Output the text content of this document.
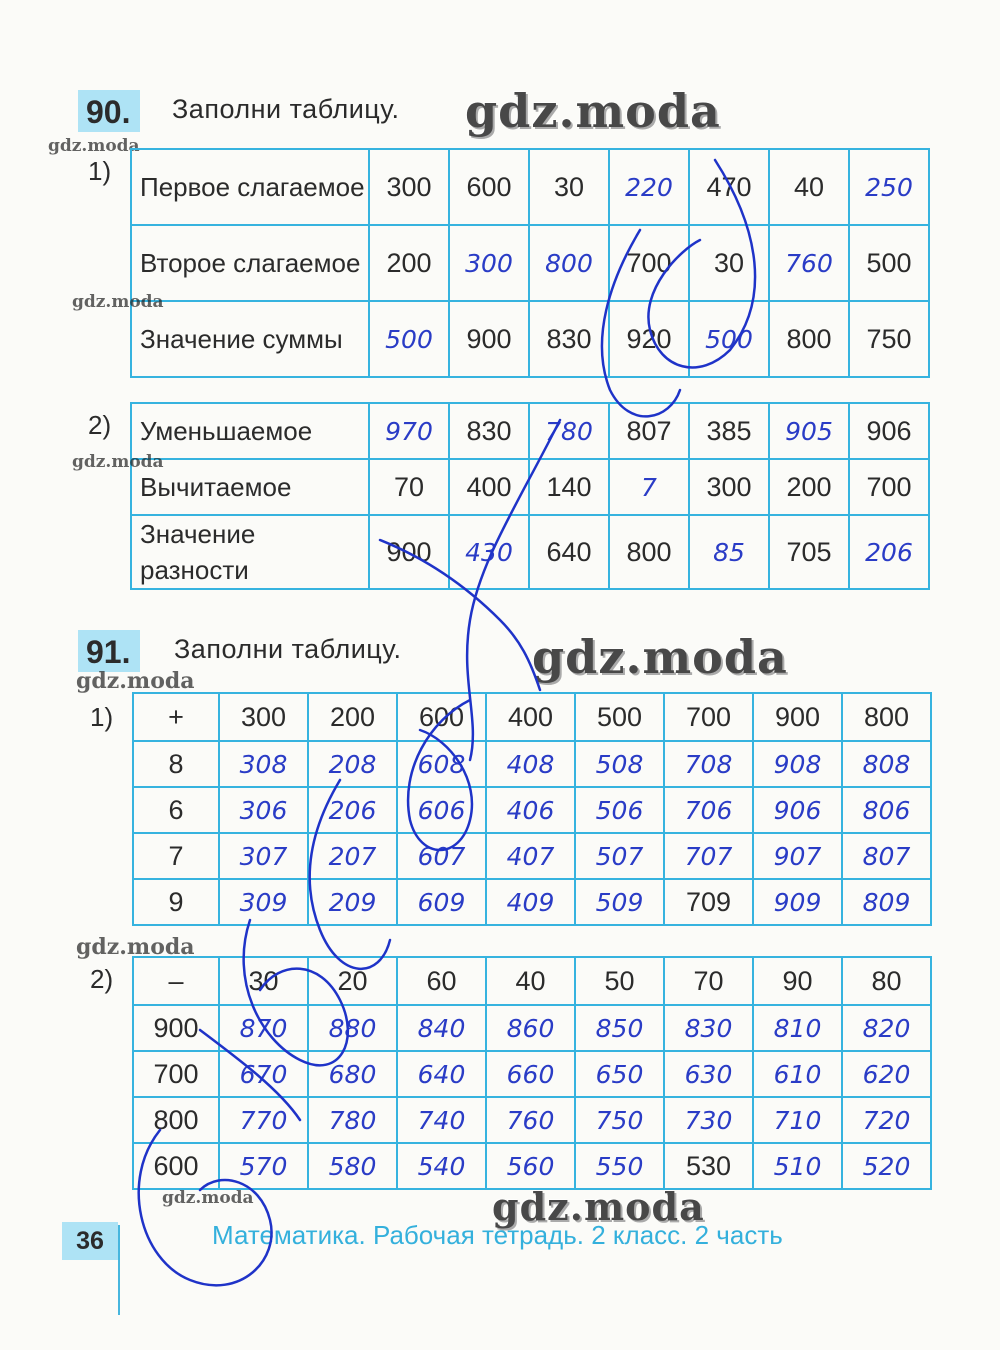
90.	Заполни таблицу. gdz.moda
gdz.moda
1)
Первое слагаемое	300	600	30	220	470	40	250
Второе слагаемое	200	300	800	700	30	760	500
Значение суммы	500	900	830	920	500	800	750
gdz.moda
2) Уменьшаемое	970	830	780	807	385	905	906
Вычитаемое	70	400	140	7	300	200	700
Значение разности	900	430	640	800	85	705	206
gdz.moda
91.	Заполни таблицу.	gdz.moda
gdz.moda
1) +	300	200	600	400	500	700	900	800
8	308	208	608	408	508	708	908	808
6	306	206	606	406	506	706	906	806
7	307	207	607	407	507	707	907	807
9	309	209	609	409	509	709	909	809
gdz.moda
2) –	30	20	60	40	50	70	90	80
900	870	880	840	860	850	830	810	820
700	670	680	640	660	650	630	610	620
800	770	780	740	760	750	730	710	720
600	570	580	540	560	550	530	510	520
gdz.moda	gdz.moda
36	Математика. Рабочая тетрадь. 2 класс. 2 часть
